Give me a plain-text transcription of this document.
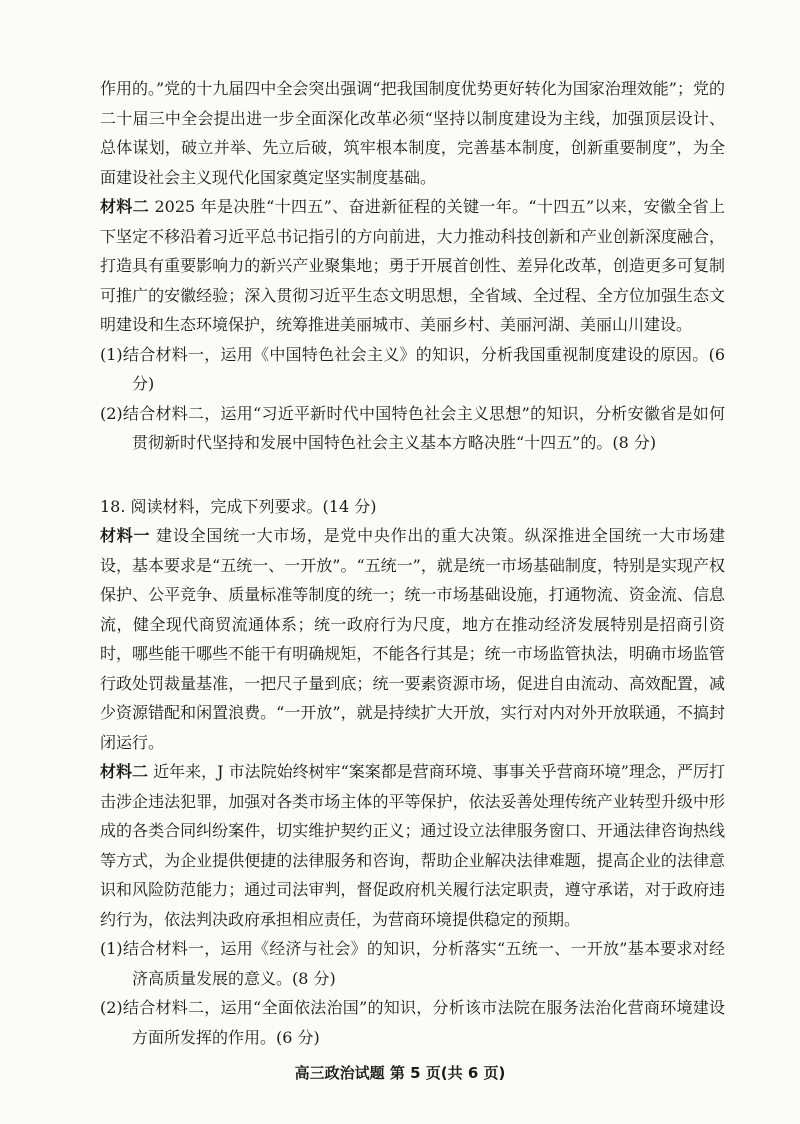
作用的。”党的十九届四中全会突出强调“把我国制度优势更好转化为国家治理效能”；党的二十届三中全会提出进一步全面深化改革必须“坚持以制度建设为主线，加强顶层设计、总体谋划，破立并举、先立后破，筑牢根本制度，完善基本制度，创新重要制度”，为全面建设社会主义现代化国家奠定坚实制度基础。

材料二 2025 年是决胜“十四五”、奋进新征程的关键一年。“十四五”以来，安徽全省上下坚定不移沿着习近平总书记指引的方向前进，大力推动科技创新和产业创新深度融合，打造具有重要影响力的新兴产业聚集地；勇于开展首创性、差异化改革，创造更多可复制可推广的安徽经验；深入贯彻习近平生态文明思想，全省域、全过程、全方位加强生态文明建设和生态环境保护，统筹推进美丽城市、美丽乡村、美丽河湖、美丽山川建设。

(1)结合材料一，运用《中国特色社会主义》的知识，分析我国重视制度建设的原因。(6 分)

(2)结合材料二，运用“习近平新时代中国特色社会主义思想”的知识，分析安徽省是如何贯彻新时代坚持和发展中国特色社会主义基本方略决胜“十四五”的。(8 分)

18. 阅读材料，完成下列要求。(14 分)

材料一 建设全国统一大市场，是党中央作出的重大决策。纵深推进全国统一大市场建设，基本要求是“五统一、一开放”。“五统一”，就是统一市场基础制度，特别是实现产权保护、公平竞争、质量标准等制度的统一；统一市场基础设施，打通物流、资金流、信息流，健全现代商贸流通体系；统一政府行为尺度，地方在推动经济发展特别是招商引资时，哪些能干哪些不能干有明确规矩，不能各行其是；统一市场监管执法，明确市场监管行政处罚裁量基准，一把尺子量到底；统一要素资源市场，促进自由流动、高效配置，减少资源错配和闲置浪费。“一开放”，就是持续扩大开放，实行对内对外开放联通，不搞封闭运行。

材料二 近年来，J 市法院始终树牢“案案都是营商环境、事事关乎营商环境”理念，严厉打击涉企违法犯罪，加强对各类市场主体的平等保护，依法妥善处理传统产业转型升级中形成的各类合同纠纷案件，切实维护契约正义；通过设立法律服务窗口、开通法律咨询热线等方式，为企业提供便捷的法律服务和咨询，帮助企业解决法律难题，提高企业的法律意识和风险防范能力；通过司法审判，督促政府机关履行法定职责，遵守承诺，对于政府违约行为，依法判决政府承担相应责任，为营商环境提供稳定的预期。

(1)结合材料一，运用《经济与社会》的知识，分析落实“五统一、一开放”基本要求对经济高质量发展的意义。(8 分)

(2)结合材料二，运用“全面依法治国”的知识，分析该市法院在服务法治化营商环境建设方面所发挥的作用。(6 分)

高三政治试题 第 5 页(共 6 页)
